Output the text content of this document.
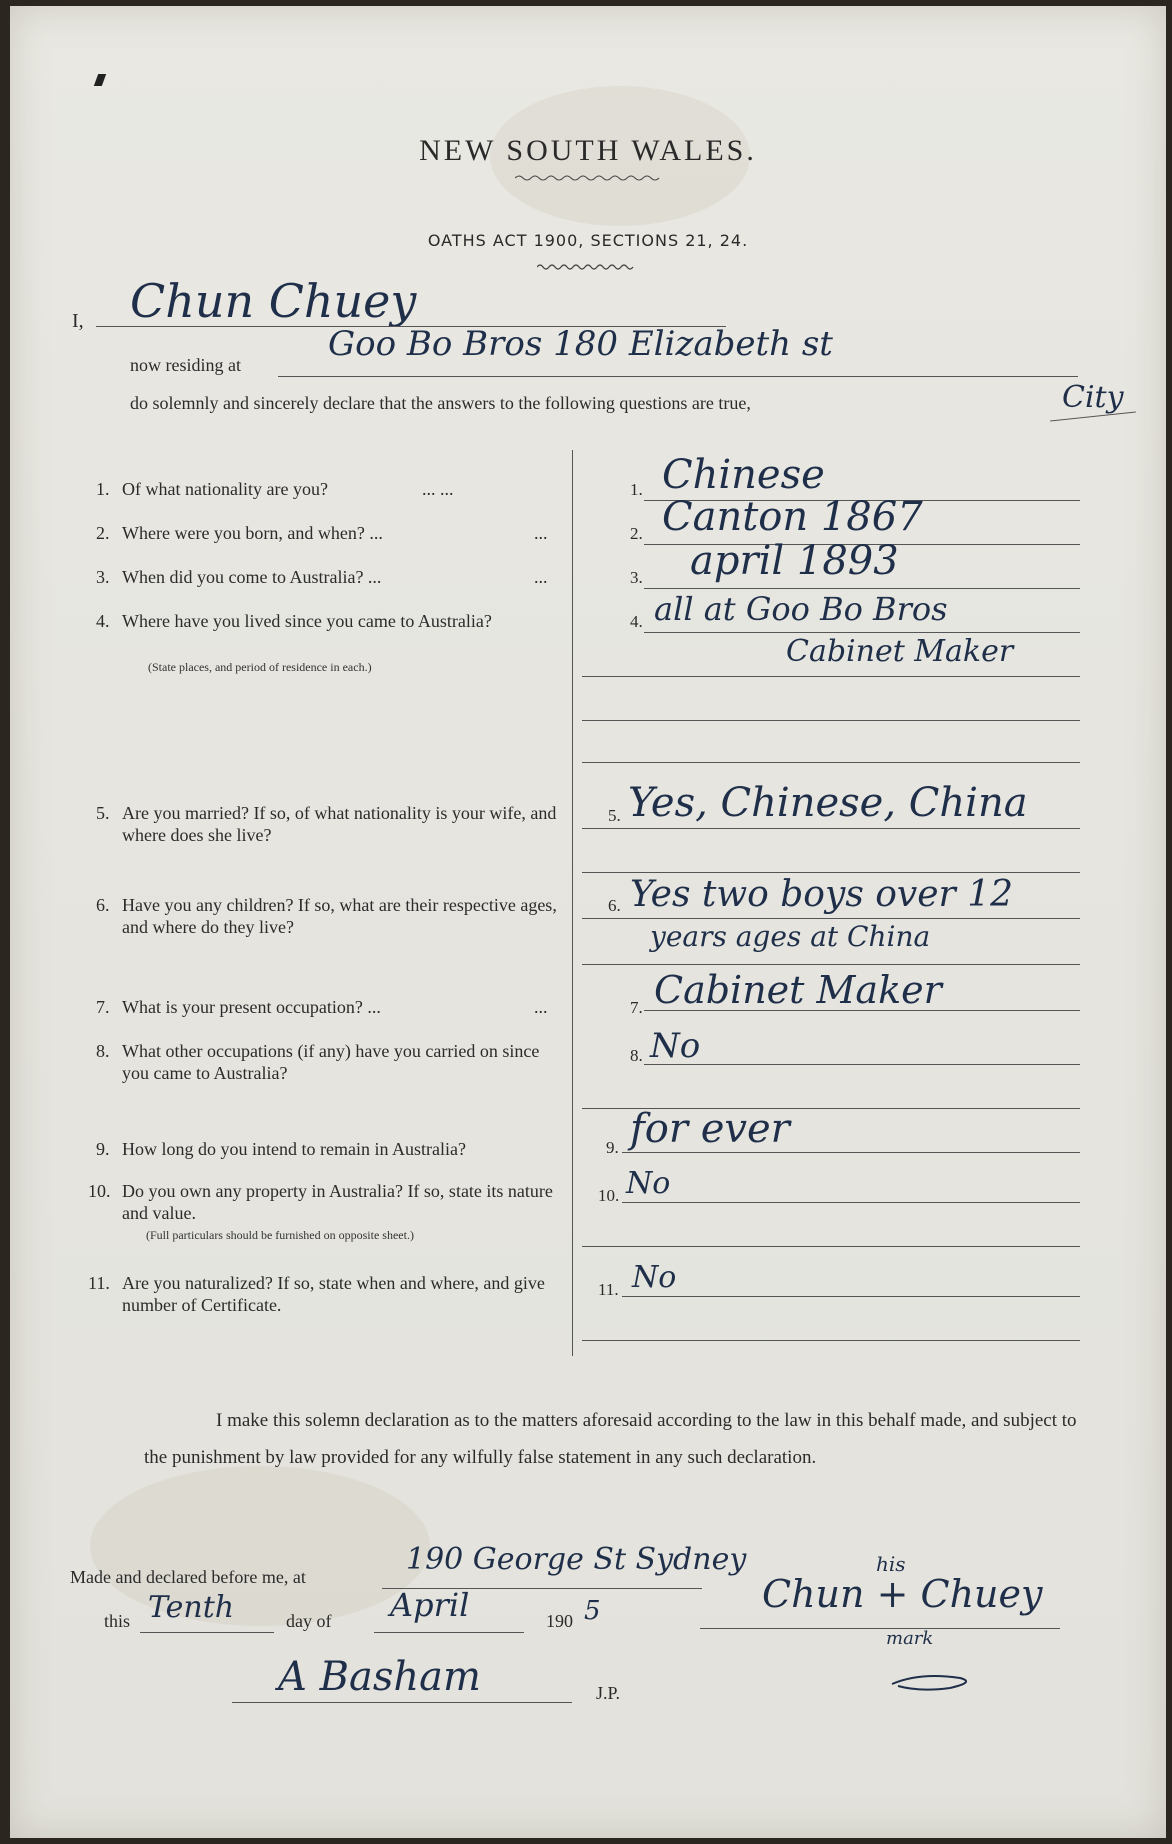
NEW SOUTH WALES.
OATHS ACT 1900, SECTIONS 21, 24.
I, Chun Chuey
now residing at
Goo Bo Bros 180 Elizabeth st
do solemnly and sincerely declare that the answers to the following questions are true,	City
1. Of what nationality are you?	... ...	1. Chinese
2. Where were you born, and when? ...	...	2. Canton 1867
3. When did you come to Australia? ...	...	3. april 1893
4. Where have you lived since you came to Australia?
(State places, and period of residence in each.)
4. all at Goo Bo Bros
Cabinet Maker
5. Are you married? If so, of what nationality is your wife, and where does she live?
5. Yes, Chinese, China
6. Have you any children? If so, what are their respective ages, and where do they live?
6. Yes two boys over 12
years ages at China
7. What is your present occupation? ...	...	7. Cabinet Maker
8. What other occupations (if any) have you carried on since you came to Australia?
8. No
9. How long do you intend to remain in Australia?	9. for ever
10. Do you own any property in Australia? If so, state its nature and value.
(Full particulars should be furnished on opposite sheet.)
10. No
11. Are you naturalized? If so, state when and where, and give number of Certificate.
11. No
I make this solemn declaration as to the matters aforesaid according to the law in this behalf made, and subject to the punishment by law provided for any wilfully false statement in any such declaration.
Made and declared before me, at	190 George St Sydney
this Tenth	day of April	190 5
A Basham	J.P.
his
Chun + Chuey
mark
